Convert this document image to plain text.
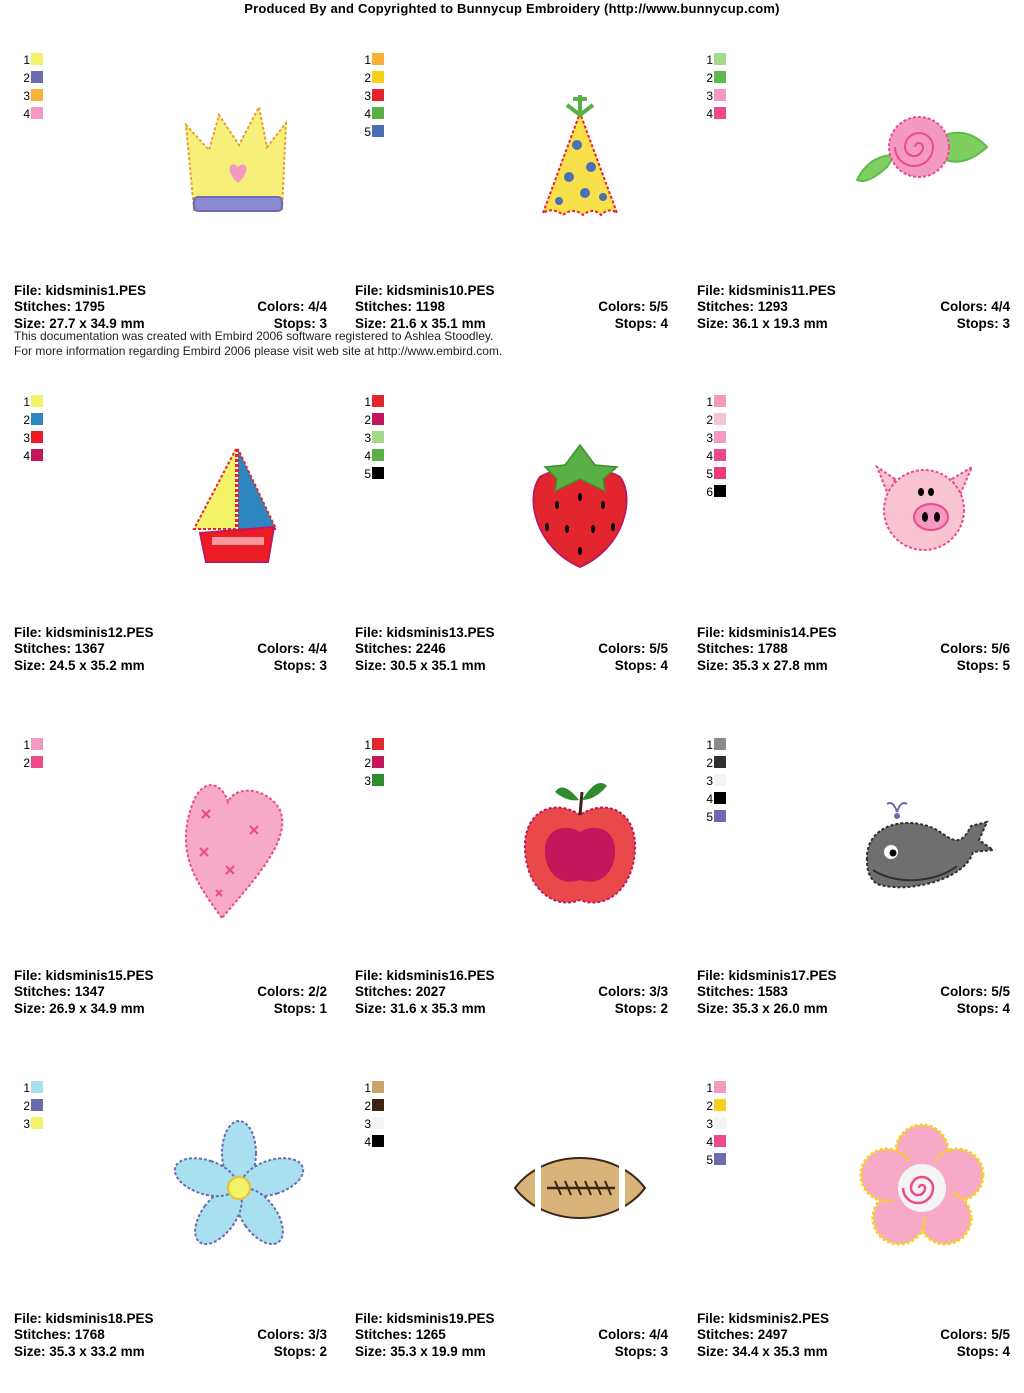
Produced By and Copyrighted to Bunnycup Embroidery (http://www.bunnycup.com)
This documentation was created with Embird 2006 software registered to Ashlea Stoodley.
For more information regarding Embird 2006 please visit web site at http://www.embird.com.
1
2
3
4
File: kidsminis1.PES
Stitches: 1795	Colors: 4/4
Size: 27.7 x 34.9 mm	Stops: 3
1
2
3
4
5
File: kidsminis10.PES
Stitches: 1198	Colors: 5/5
Size: 21.6 x 35.1 mm	Stops: 4
1
2
3
4
File: kidsminis11.PES
Stitches: 1293	Colors: 4/4
Size: 36.1 x 19.3 mm	Stops: 3
1
2
3
4
File: kidsminis12.PES
Stitches: 1367	Colors: 4/4
Size: 24.5 x 35.2 mm	Stops: 3
1
2
3
4
5
File: kidsminis13.PES
Stitches: 2246	Colors: 5/5
Size: 30.5 x 35.1 mm	Stops: 4
1
2
3
4
5
6
File: kidsminis14.PES
Stitches: 1788	Colors: 5/6
Size: 35.3 x 27.8 mm	Stops: 5
1
2
File: kidsminis15.PES
Stitches: 1347	Colors: 2/2
Size: 26.9 x 34.9 mm	Stops: 1
1
2
3
File: kidsminis16.PES
Stitches: 2027	Colors: 3/3
Size: 31.6 x 35.3 mm	Stops: 2
1
2
3
4
5
File: kidsminis17.PES
Stitches: 1583	Colors: 5/5
Size: 35.3 x 26.0 mm	Stops: 4
1
2
3
File: kidsminis18.PES
Stitches: 1768	Colors: 3/3
Size: 35.3 x 33.2 mm	Stops: 2
1
2
3
4
File: kidsminis19.PES
Stitches: 1265	Colors: 4/4
Size: 35.3 x 19.9 mm	Stops: 3
1
2
3
4
5
File: kidsminis2.PES
Stitches: 2497	Colors: 5/5
Size: 34.4 x 35.3 mm	Stops: 4
